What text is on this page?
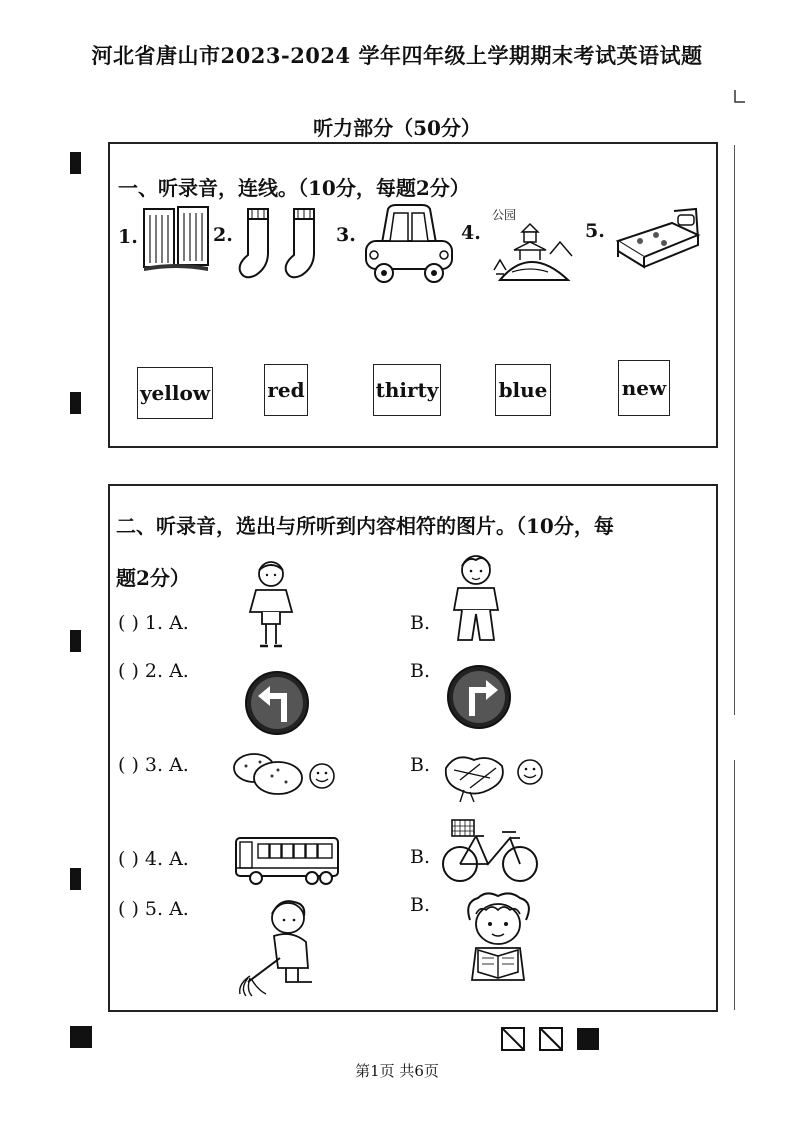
河北省唐山市2023-2024 学年四年级上学期期末考试英语试题
听力部分（50分）
一、听录音，连线。（10分，每题2分）
1.	2.	3.	4.	5.
公园
yellow	red	thirty	blue	new
二、听录音，选出与所听到内容相符的图片。（10分，每
题2分）
( ) 1. A.	B.
( ) 2. A.	B.
( ) 3. A.	B.
( ) 4. A.	B.
( ) 5. A.	B.
第1页 共6页
